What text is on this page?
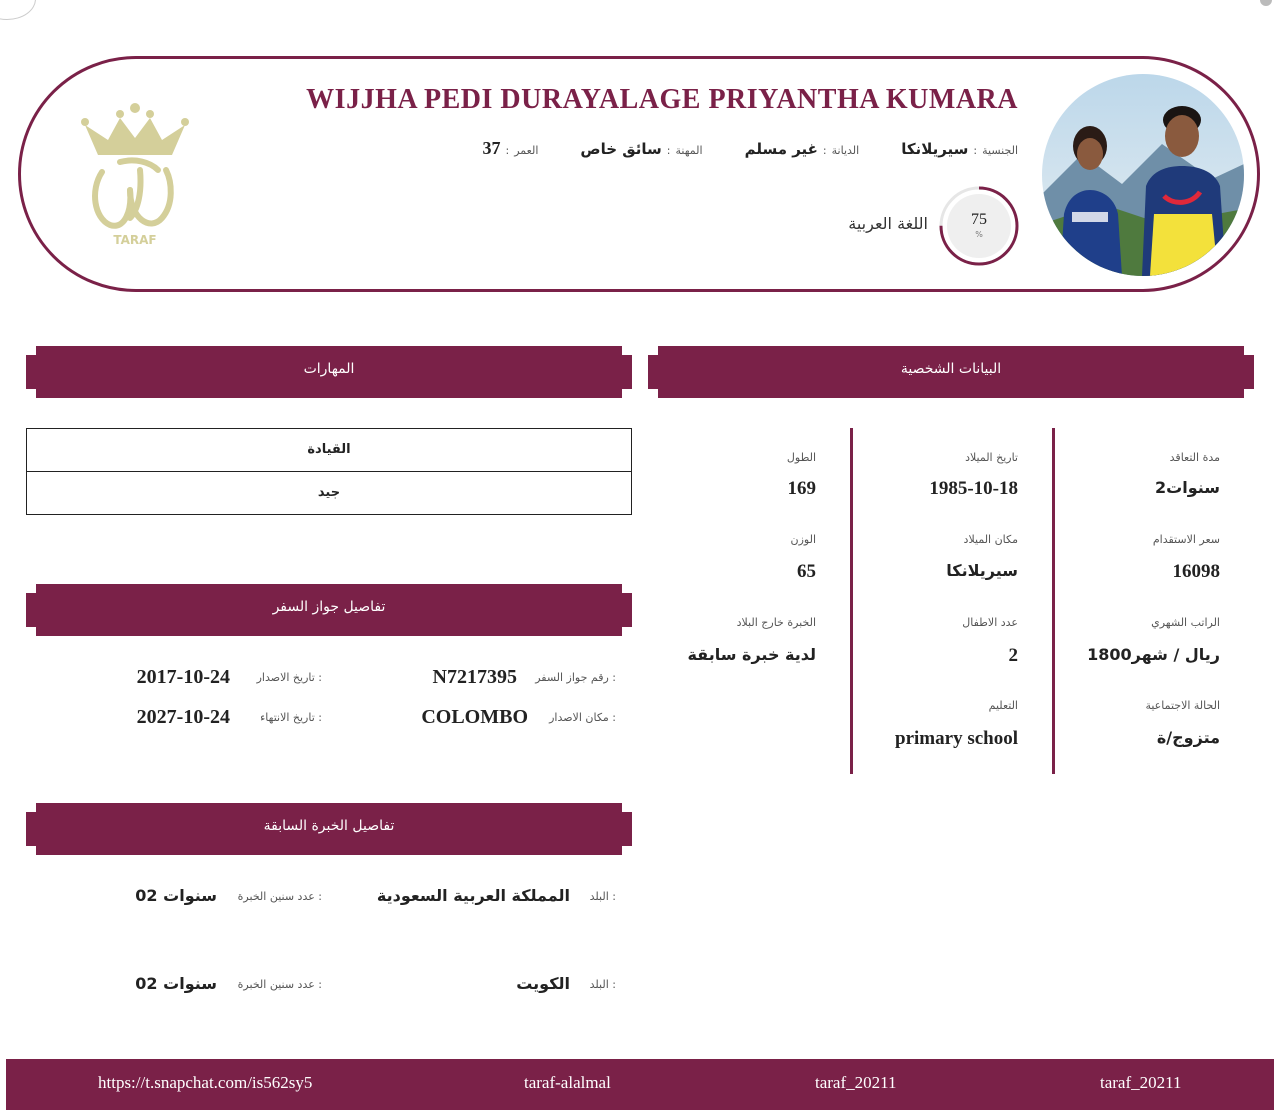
TARAF
WIJJHA PEDI DURAYALAGE PRIYANTHA KUMARA
الجنسية
:
سيريلانكا
الديانة
:
غير مسلم
المهنة
:
سائق خاص
العمر
:
37
75
%
اللغة العربية
البيانات الشخصية
المهارات
مدة التعاقد
2سنوات
سعر الاستقدام
16098
الراتب الشهري
1800ريال / شهر
الحالة الاجتماعية
متزوج/ة
تاريخ الميلاد
1985-10-18
مكان الميلاد
سيريلانكا
عدد الاطفال
2
التعليم
primary school
الطول
169
الوزن
65
الخبرة خارج البلاد
لدية خبرة سابقة
القيادة
جيد
تفاصيل جواز السفر
رقم جواز السفر :
N7217395
تاريخ الاصدار :
2017-10-24
مكان الاصدار :
COLOMBO
تاريخ الانتهاء :
2027-10-24
تفاصيل الخبرة السابقة
البلد :
المملكة العربية السعودية
عدد سنين الخبرة :
02 سنوات
البلد :
الكويت
عدد سنين الخبرة :
02 سنوات
https://t.snapchat.com/is562sy5	taraf-alalmal	taraf_20211	taraf_20211
